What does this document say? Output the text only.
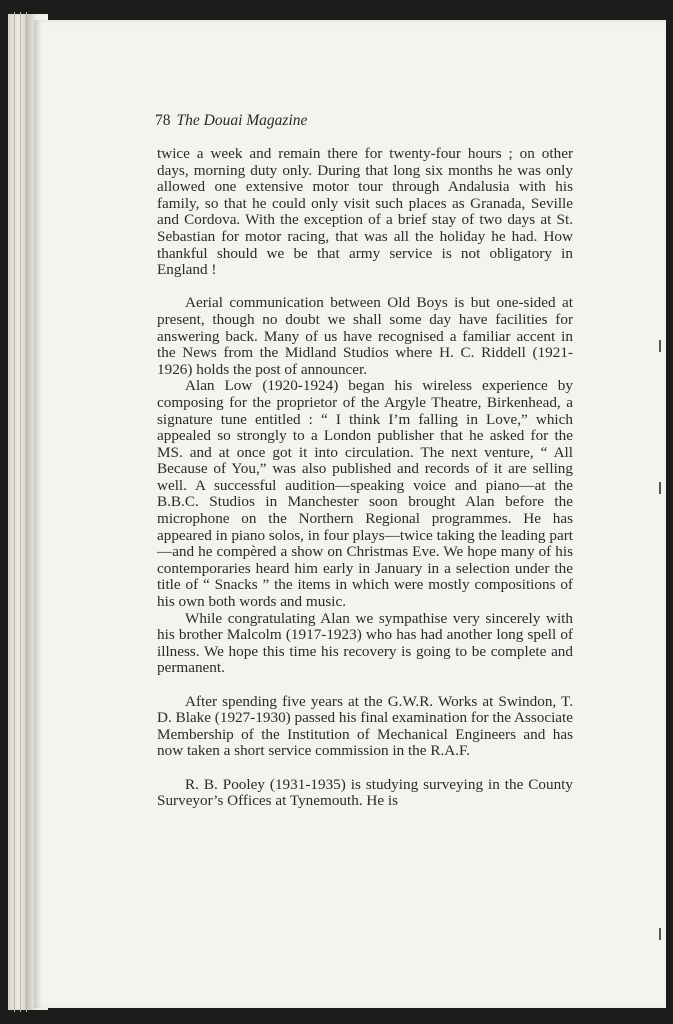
78 The Douai Magazine

twice a week and remain there for twenty-four hours ; on other days, morning duty only. During that long six months he was only allowed one extensive motor tour through Andalusia with his family, so that he could only visit such places as Granada, Seville and Cordova. With the exception of a brief stay of two days at St. Sebastian for motor racing, that was all the holiday he had. How thankful should we be that army service is not obligatory in England !

Aerial communication between Old Boys is but one-sided at present, though no doubt we shall some day have facilities for answering back. Many of us have recognised a familiar accent in the News from the Midland Studios where H. C. Riddell (1921-1926) holds the post of announcer.

Alan Low (1920-1924) began his wireless experience by composing for the proprietor of the Argyle Theatre, Birkenhead, a signature tune entitled : “ I think I’m falling in Love,” which appealed so strongly to a London publisher that he asked for the MS. and at once got it into circulation. The next venture, “ All Because of You,” was also published and records of it are selling well. A successful audition—speaking voice and piano—at the B.B.C. Studios in Manchester soon brought Alan before the microphone on the Northern Regional programmes. He has appeared in piano solos, in four plays—twice taking the leading part—and he compèred a show on Christmas Eve. We hope many of his contemporaries heard him early in January in a selection under the title of “ Snacks ” the items in which were mostly compositions of his own both words and music.

While congratulating Alan we sympathise very sincerely with his brother Malcolm (1917-1923) who has had another long spell of illness. We hope this time his recovery is going to be complete and permanent.

After spending five years at the G.W.R. Works at Swindon, T. D. Blake (1927-1930) passed his final examination for the Associate Membership of the Institution of Mechanical Engineers and has now taken a short service commission in the R.A.F.

R. B. Pooley (1931-1935) is studying surveying in the County Surveyor’s Offices at Tynemouth. He is
